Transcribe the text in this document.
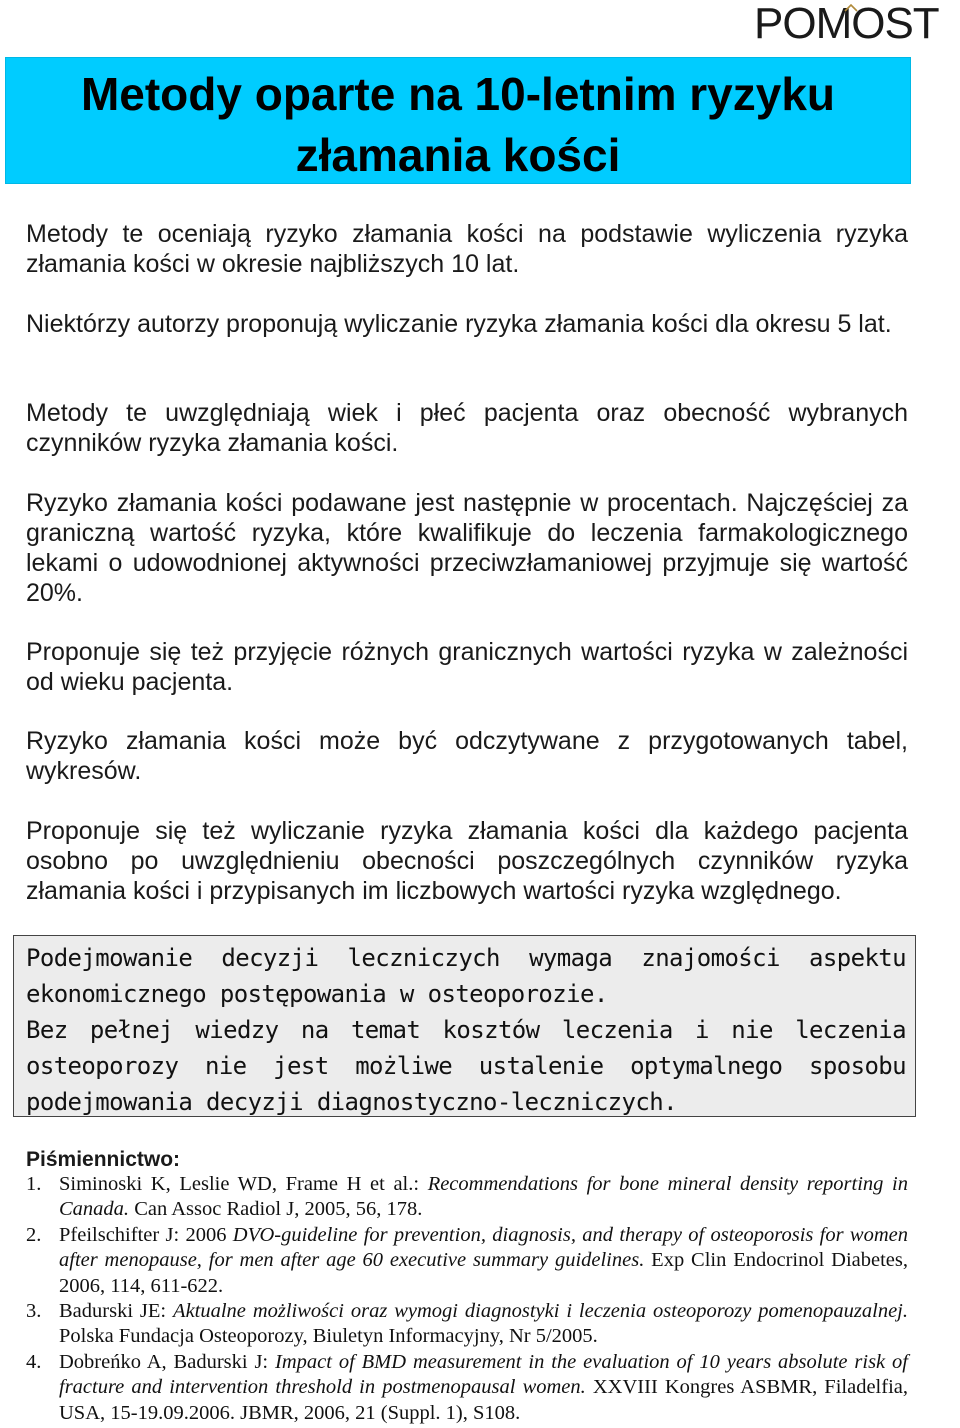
POMOST
Metody oparte na 10-letnim ryzyku
złamania kości

Metody te oceniają ryzyko złamania kości na podstawie wyliczenia ryzyka złamania kości w okresie najbliższych 10 lat.

Niektórzy autorzy proponują wyliczanie ryzyka złamania kości dla okresu 5 lat.

Metody te uwzględniają wiek i płeć pacjenta oraz obecność wybranych czynników ryzyka złamania kości.

Ryzyko złamania kości podawane jest następnie w procentach. Najczęściej za graniczną wartość ryzyka, które kwalifikuje do leczenia farmakologicznego lekami o udowodnionej aktywności przeciwzłamaniowej przyjmuje się wartość 20%.

Proponuje się też przyjęcie różnych granicznych wartości ryzyka w zależności od wieku pacjenta.

Ryzyko złamania kości może być odczytywane z przygotowanych tabel, wykresów.

Proponuje się też wyliczanie ryzyka złamania kości dla każdego pacjenta osobno po uwzględnieniu obecności poszczególnych czynników ryzyka złamania kości i przypisanych im liczbowych wartości ryzyka względnego.

Podejmowanie decyzji leczniczych wymaga znajomości aspektu ekonomicznego postępowania w osteoporozie.

Bez pełnej wiedzy na temat kosztów leczenia i nie leczenia osteoporozy nie jest możliwe ustalenie optymalnego sposobu podejmowania decyzji diagnostyczno-leczniczych.

Piśmiennictwo:

1. Siminoski K, Leslie WD, Frame H et al.: Recommendations for bone mineral density reporting in Canada. Can Assoc Radiol J, 2005, 56, 178.
2. Pfeilschifter J: 2006 DVO-guideline for prevention, diagnosis, and therapy of osteoporosis for women after menopause, for men after age 60 executive summary guidelines. Exp Clin Endocrinol Diabetes, 2006, 114, 611-622.
3. Badurski JE: Aktualne możliwości oraz wymogi diagnostyki i leczenia osteoporozy pomenopauzalnej. Polska Fundacja Osteoporozy, Biuletyn Informacyjny, Nr 5/2005.
4. Dobreńko A, Badurski J: Impact of BMD measurement in the evaluation of 10 years absolute risk of fracture and intervention threshold in postmenopausal women. XXVIII Kongres ASBMR, Filadelfia, USA, 15-19.09.2006. JBMR, 2006, 21 (Suppl. 1), S108.
